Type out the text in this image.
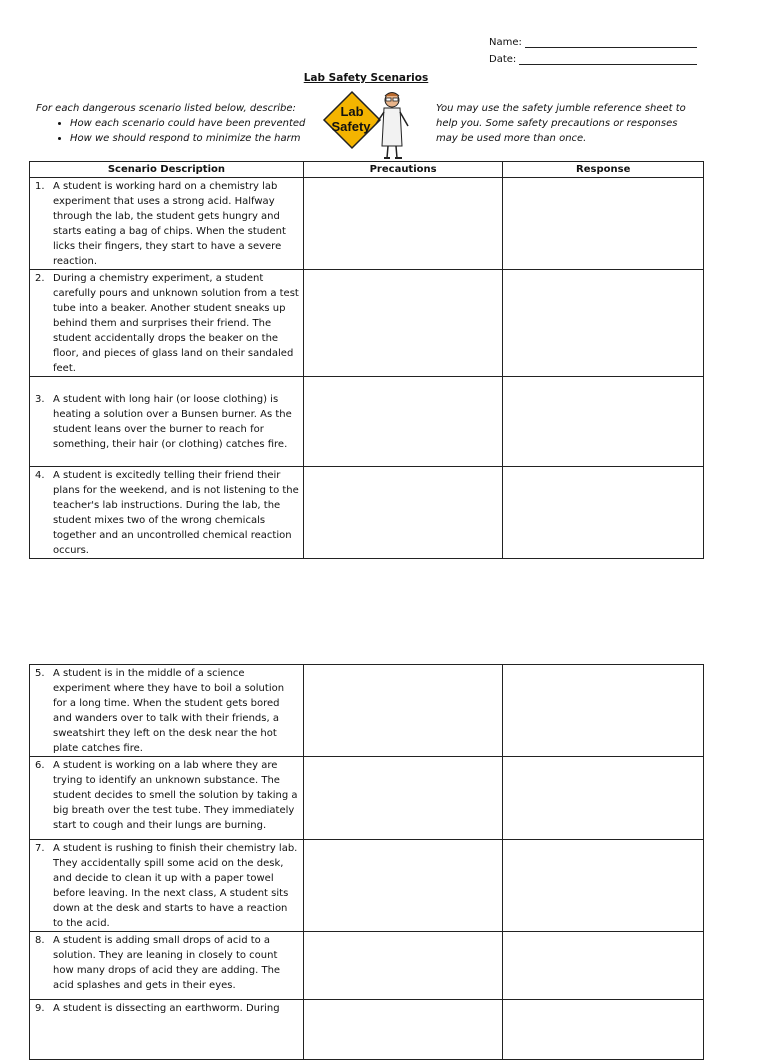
Name:
Date:
Lab Safety Scenarios
For each dangerous scenario listed below, describe:
• How each scenario could have been prevented
• How we should respond to minimize the harm
Lab
Safety
You may use the safety jumble reference sheet to help you. Some safety precautions or responses may be used more than once.
Scenario Description	Precautions	Response

1. A student is working hard on a chemistry lab experiment that uses a strong acid. Halfway through the lab, the student gets hungry and starts eating a bag of chips. When the student licks their fingers, they start to have a severe reaction.		

2. During a chemistry experiment, a student carefully pours and unknown solution from a test tube into a beaker. Another student sneaks up behind them and surprises their friend. The student accidentally drops the beaker on the floor, and pieces of glass land on their sandaled feet.		

3. A student with long hair (or loose clothing) is heating a solution over a Bunsen burner. As the student leans over the burner to reach for something, their hair (or clothing) catches fire.		

4. A student is excitedly telling their friend their plans for the weekend, and is not listening to the teacher's lab instructions. During the lab, the student mixes two of the wrong chemicals together and an uncontrolled chemical reaction occurs.		

5. A student is in the middle of a science experiment where they have to boil a solution for a long time. When the student gets bored and wanders over to talk with their friends, a sweatshirt they left on the desk near the hot plate catches fire.		

6. A student is working on a lab where they are trying to identify an unknown substance. The student decides to smell the solution by taking a big breath over the test tube. They immediately start to cough and their lungs are burning.		

7. A student is rushing to finish their chemistry lab. They accidentally spill some acid on the desk, and decide to clean it up with a paper towel before leaving. In the next class, A student sits down at the desk and starts to have a reaction to the acid.		

8. A student is adding small drops of acid to a solution. They are leaning in closely to count how many drops of acid they are adding. The acid splashes and gets in their eyes.		

9. A student is dissecting an earthworm. During		
